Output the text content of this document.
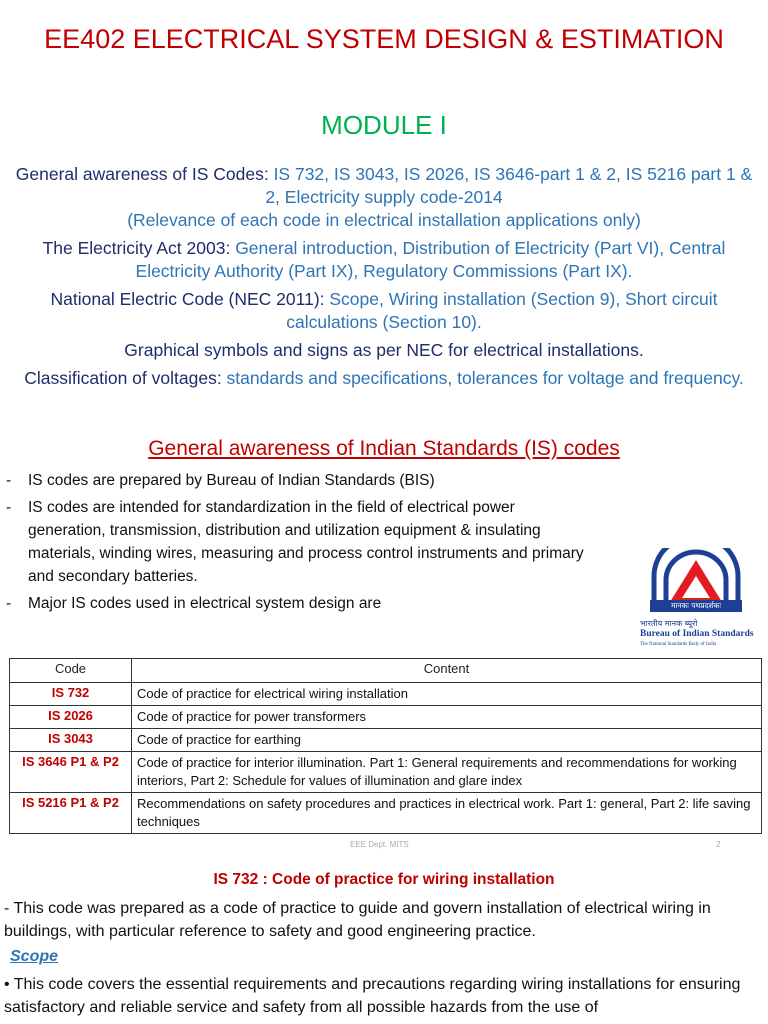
EE402 ELECTRICAL SYSTEM DESIGN & ESTIMATION
MODULE I

General awareness of IS Codes: IS 732, IS 3043, IS 2026, IS 3646-part 1 & 2, IS 5216 part 1 & 2, Electricity supply code-2014
(Relevance of each code in electrical installation applications only)

The Electricity Act 2003: General introduction, Distribution of Electricity (Part VI), Central Electricity Authority (Part IX), Regulatory Commissions (Part IX).

National Electric Code (NEC 2011): Scope, Wiring installation (Section 9), Short circuit calculations (Section 10).

Graphical symbols and signs as per NEC for electrical installations.

Classification of voltages: standards and specifications, tolerances for voltage and frequency.

General awareness of Indian Standards (IS) codes
- IS codes are prepared by Bureau of Indian Standards (BIS)
- IS codes are intended for standardization in the field of electrical power generation, transmission, distribution and utilization equipment & insulating materials, winding wires, measuring and process control instruments and primary and secondary batteries.
- Major IS codes used in electrical system design are	मानकः पथप्रदर्शकः
भारतीय मानक ब्यूरो
Bureau of Indian Standards
The National Standards Body of India
Code	Content
IS 732	Code of practice for electrical wiring installation
IS 2026	Code of practice for power transformers
IS 3043	Code of practice for earthing
IS 3646 P1 & P2	Code of practice for interior illumination. Part 1: General requirements and recommendations for working interiors, Part 2: Schedule for values of illumination and glare index
IS 5216 P1 & P2	Recommendations on safety procedures and practices in electrical work. Part 1: general, Part 2: life saving techniques
EEE Dept. MITS	2
IS 732 : Code of practice for wiring installation

- This code was prepared as a code of practice to guide and govern installation of electrical wiring in buildings, with particular reference to safety and good engineering practice.

Scope

• This code covers the essential requirements and precautions regarding wiring installations for ensuring satisfactory and reliable service and safety from all possible hazards from the use of
